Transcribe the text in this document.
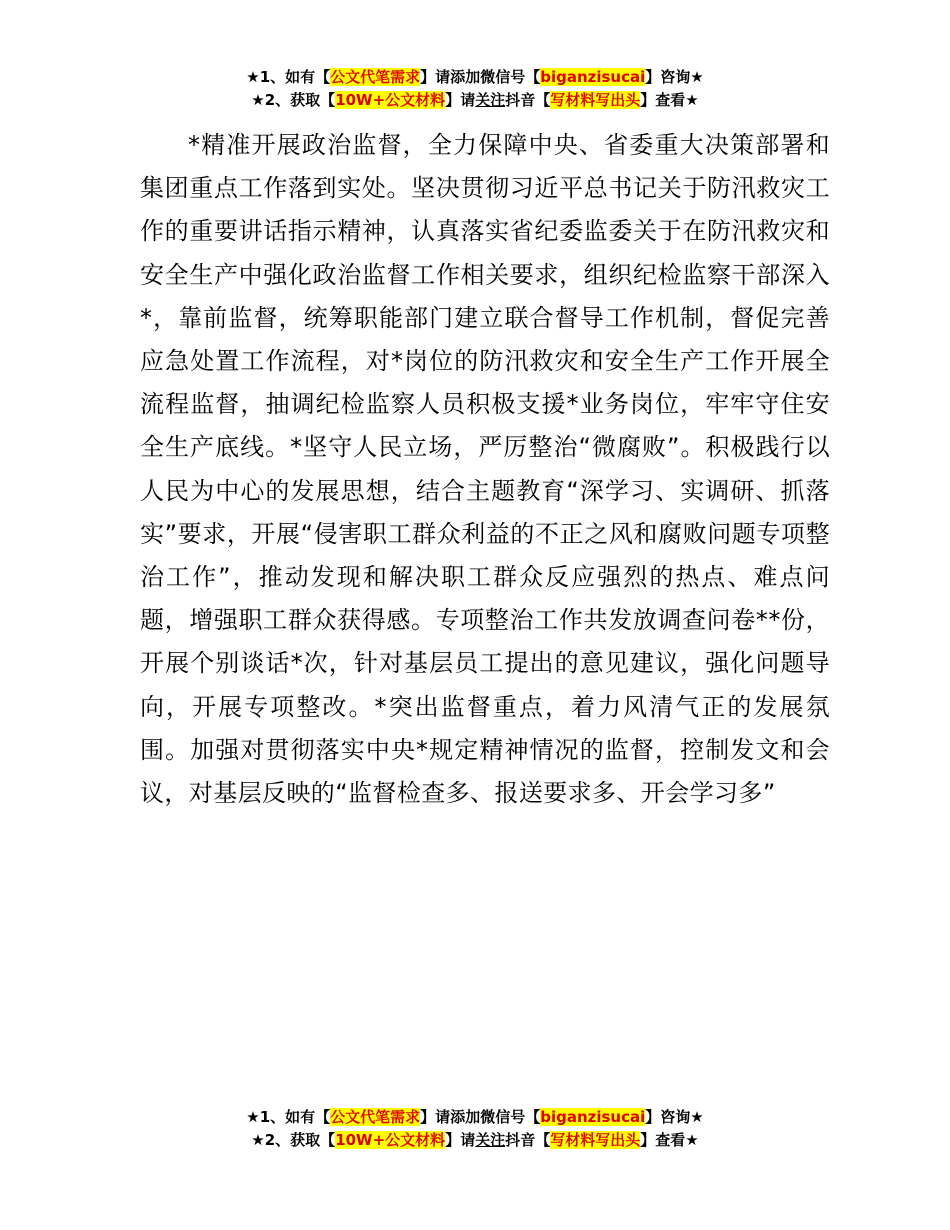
★1、如有【公文代笔需求】请添加微信号【biganzisucai】咨询★
★2、获取【10W+公文材料】请关注抖音【写材料写出头】查看★

*精准开展政治监督，全力保障中央、省委重大决策部署和集团重点工作落到实处。坚决贯彻习近平总书记关于防汛救灾工作的重要讲话指示精神，认真落实省纪委监委关于在防汛救灾和安全生产中强化政治监督工作相关要求，组织纪检监察干部深入*，靠前监督，统筹职能部门建立联合督导工作机制，督促完善应急处置工作流程，对*岗位的防汛救灾和安全生产工作开展全流程监督，抽调纪检监察人员积极支援*业务岗位，牢牢守住安全生产底线。*坚守人民立场，严厉整治“微腐败”。积极践行以人民为中心的发展思想，结合主题教育“深学习、实调研、抓落实”要求，开展“侵害职工群众利益的不正之风和腐败问题专项整治工作”，推动发现和解决职工群众反应强烈的热点、难点问题，增强职工群众获得感。专项整治工作共发放调查问卷**份，开展个别谈话*次，针对基层员工提出的意见建议，强化问题导向，开展专项整改。*突出监督重点，着力风清气正的发展氛围。加强对贯彻落实中央*规定精神情况的监督，控制发文和会议，对基层反映的“监督检查多、报送要求多、开会学习多”

★1、如有【公文代笔需求】请添加微信号【biganzisucai】咨询★
★2、获取【10W+公文材料】请关注抖音【写材料写出头】查看★
